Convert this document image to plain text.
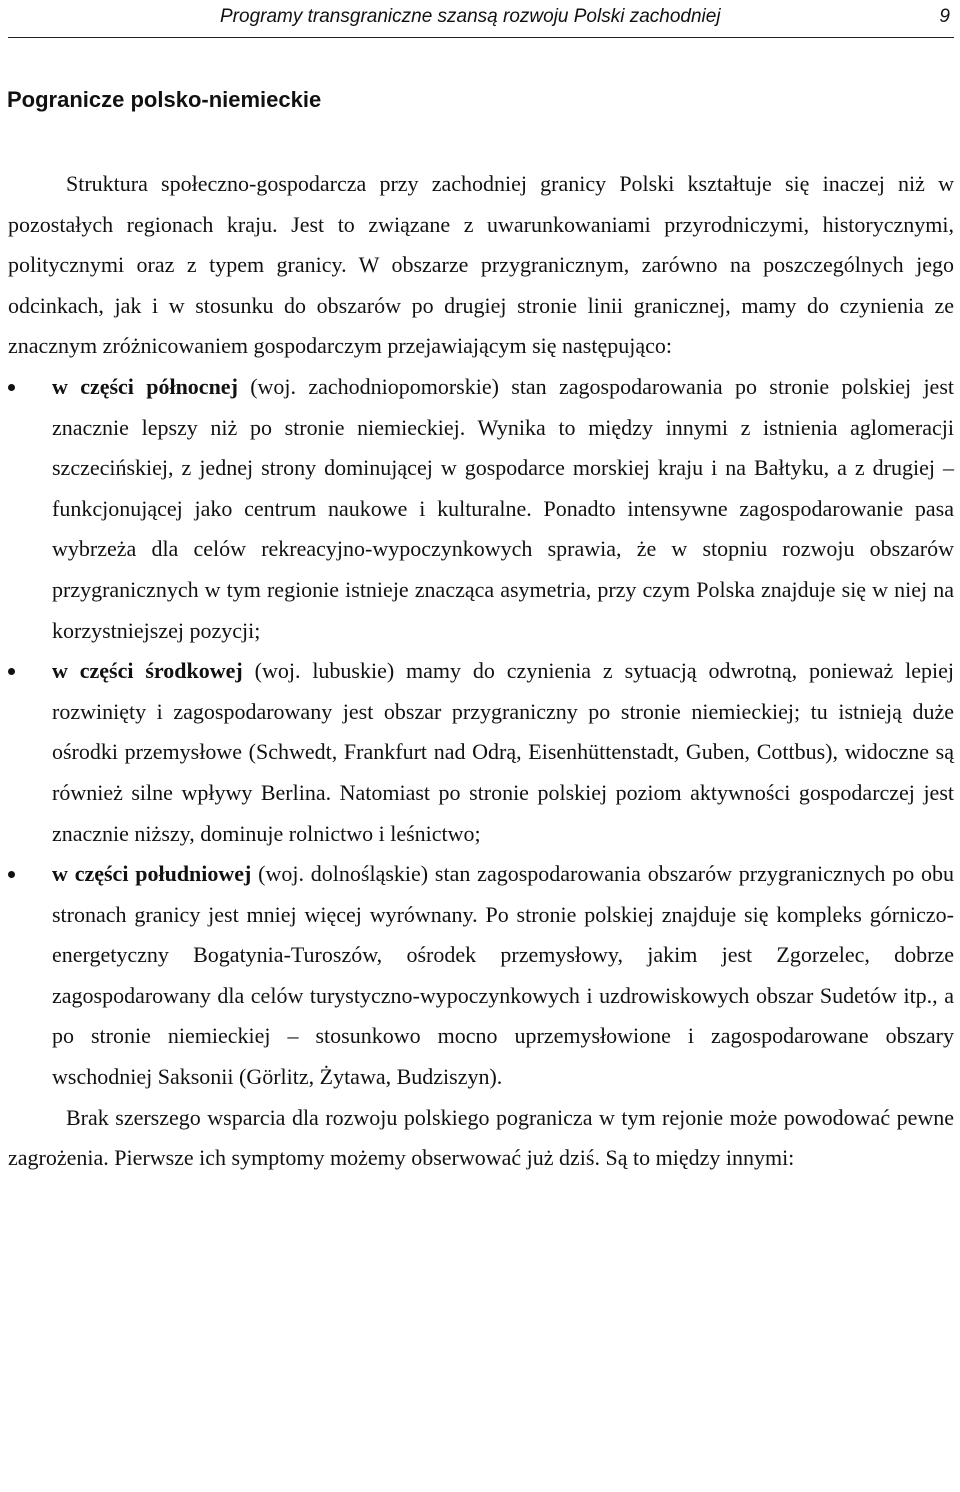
Programy transgraniczne szansą rozwoju Polski zachodniej	9
Pogranicze polsko-niemieckie

Struktura społeczno-gospodarcza przy zachodniej granicy Polski kształtuje się inaczej niż w pozostałych regionach kraju. Jest to związane z uwarunkowaniami przyrodniczymi, historycznymi, politycznymi oraz z typem granicy. W obszarze przygranicznym, zarówno na poszczególnych jego odcinkach, jak i w stosunku do obszarów po drugiej stronie linii granicznej, mamy do czynienia ze znacznym zróżnicowaniem gospodarczym przejawiającym się następująco:

w części północnej (woj. zachodniopomorskie) stan zagospodarowania po stronie polskiej jest znacznie lepszy niż po stronie niemieckiej. Wynika to między innymi z istnienia aglomeracji szczecińskiej, z jednej strony dominującej w gospodarce morskiej kraju i na Bałtyku, a z drugiej – funkcjonującej jako centrum naukowe i kulturalne. Ponadto intensywne zagospodarowanie pasa wybrzeża dla celów rekreacyjno-wypoczynkowych sprawia, że w stopniu rozwoju obszarów przygranicznych w tym regionie istnieje znacząca asymetria, przy czym Polska znajduje się w niej na korzystniejszej pozycji;
w części środkowej (woj. lubuskie) mamy do czynienia z sytuacją odwrotną, ponieważ lepiej rozwinięty i zagospodarowany jest obszar przygraniczny po stronie niemieckiej; tu istnieją duże ośrodki przemysłowe (Schwedt, Frankfurt nad Odrą, Eisenhüttenstadt, Guben, Cottbus), widoczne są również silne wpływy Berlina. Natomiast po stronie polskiej poziom aktywności gospodarczej jest znacznie niższy, dominuje rolnictwo i leśnictwo;
w części południowej (woj. dolnośląskie) stan zagospodarowania obszarów przygranicznych po obu stronach granicy jest mniej więcej wyrównany. Po stronie polskiej znajduje się kompleks górniczo-energetyczny Bogatynia-Turoszów, ośrodek przemysłowy, jakim jest Zgorzelec, dobrze zagospodarowany dla celów turystyczno-wypoczynkowych i uzdrowiskowych obszar Sudetów itp., a po stronie niemieckiej – stosunkowo mocno uprzemysłowione i zagospodarowane obszary wschodniej Saksonii (Görlitz, Żytawa, Budziszyn).

Brak szerszego wsparcia dla rozwoju polskiego pogranicza w tym rejonie może powodować pewne zagrożenia. Pierwsze ich symptomy możemy obserwować już dziś. Są to między innymi:
